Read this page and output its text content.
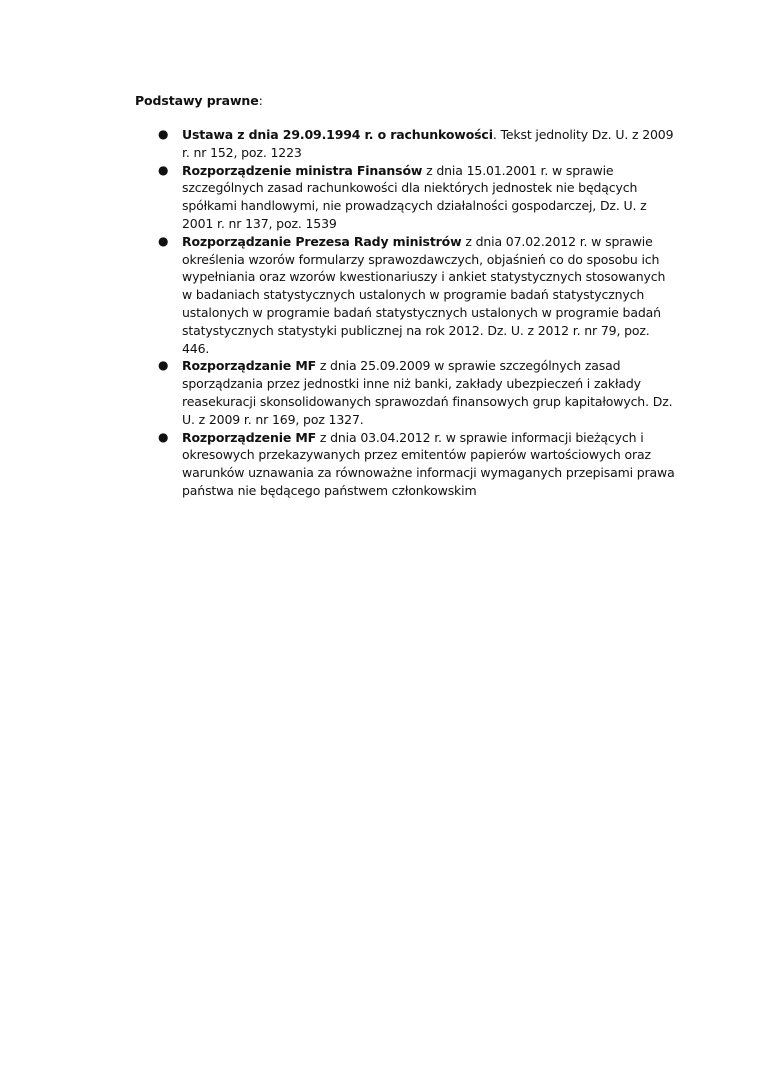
Podstawy prawne:
● Ustawa z dnia 29.09.1994 r. o rachunkowości. Tekst jednolity Dz. U. z 2009 r. nr 152, poz. 1223
● Rozporządzenie ministra Finansów z dnia 15.01.2001 r. w sprawie szczególnych zasad rachunkowości dla niektórych jednostek nie będących spółkami handlowymi, nie prowadzących działalności gospodarczej, Dz. U. z 2001 r. nr 137, poz. 1539
● Rozporządzanie Prezesa Rady ministrów z dnia 07.02.2012 r. w sprawie określenia wzorów formularzy sprawozdawczych, objaśnień co do sposobu ich wypełniania oraz wzorów kwestionariuszy i ankiet statystycznych stosowanych w badaniach statystycznych ustalonych w programie badań statystycznych ustalonych w programie badań statystycznych ustalonych w programie badań statystycznych statystyki publicznej na rok 2012. Dz. U. z 2012 r. nr 79, poz. 446.
● Rozporządzanie MF z dnia 25.09.2009 w sprawie szczególnych zasad sporządzania przez jednostki inne niż banki, zakłady ubezpieczeń i zakłady reasekuracji skonsolidowanych sprawozdań finansowych grup kapitałowych. Dz. U. z 2009 r. nr 169, poz 1327.
● Rozporządzenie MF z dnia 03.04.2012 r. w sprawie informacji bieżących i okresowych przekazywanych przez emitentów papierów wartościowych oraz warunków uznawania za równoważne informacji wymaganych przepisami prawa państwa nie będącego państwem członkowskim
